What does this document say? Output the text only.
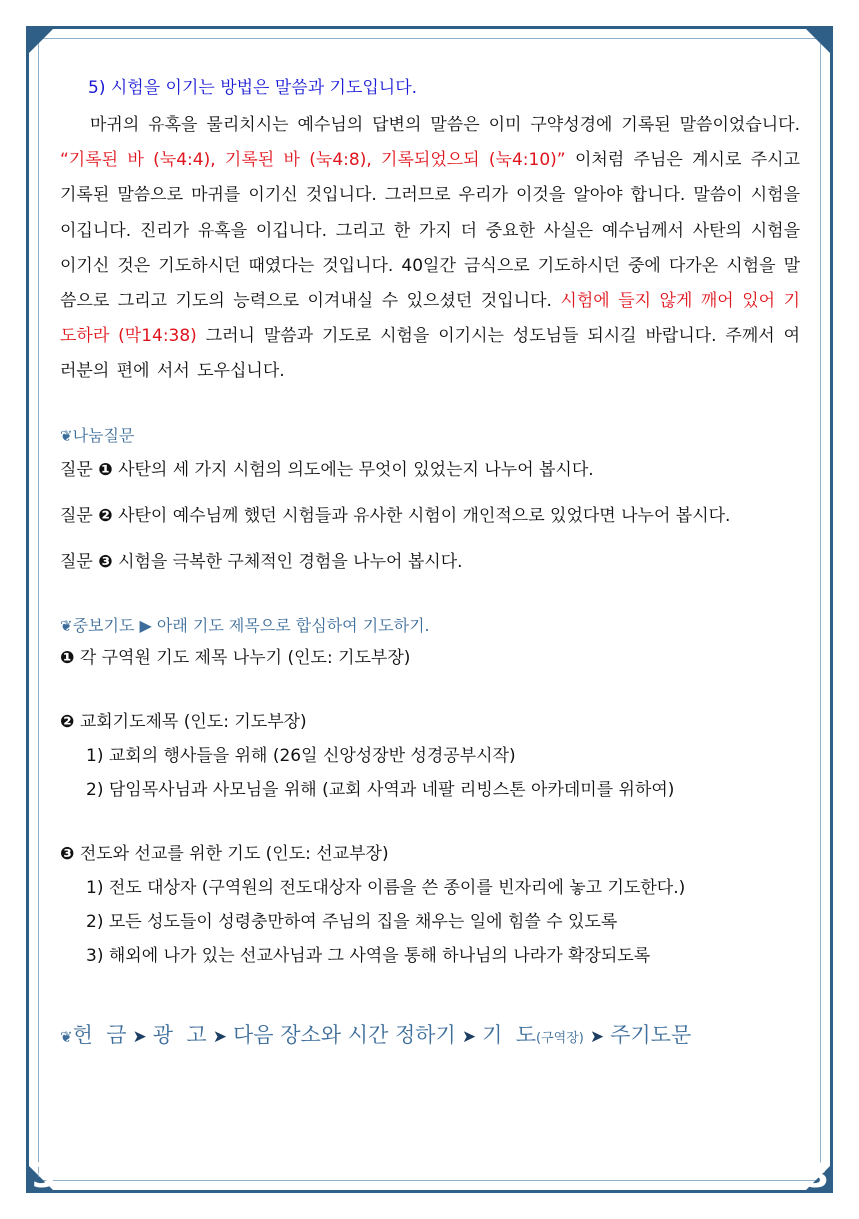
3	3
5) 시험을 이기는 방법은 말씀과 기도입니다.

마귀의 유혹을 물리치시는 예수님의 답변의 말씀은 이미 구약성경에 기록된 말씀이었습니다. “기록된 바 (눅4:4), 기록된 바 (눅4:8), 기록되었으되 (눅4:10)” 이처럼 주님은 계시로 주시고 기록된 말씀으로 마귀를 이기신 것입니다. 그러므로 우리가 이것을 알아야 합니다. 말씀이 시험을 이깁니다. 진리가 유혹을 이깁니다. 그리고 한 가지 더 중요한 사실은 예수님께서 사탄의 시험을 이기신 것은 기도하시던 때였다는 것입니다. 40일간 금식으로 기도하시던 중에 다가온 시험을 말씀으로 그리고 기도의 능력으로 이겨내실 수 있으셨던 것입니다. 시험에 들지 않게 깨어 있어 기도하라 (막14:38) 그러니 말씀과 기도로 시험을 이기시는 성도님들 되시길 바랍니다. 주께서 여러분의 편에 서서 도우십니다.

❦나눔질문
질문 ❶ 사탄의 세 가지 시험의 의도에는 무엇이 있었는지 나누어 봅시다.
질문 ❷ 사탄이 예수님께 했던 시험들과 유사한 시험이 개인적으로 있었다면 나누어 봅시다.
질문 ❸ 시험을 극복한 구체적인 경험을 나누어 봅시다.
❦중보기도 ▶ 아래 기도 제목으로 합심하여 기도하기.
❶ 각 구역원 기도 제목 나누기 (인도: 기도부장)
❷ 교회기도제목 (인도: 기도부장)
1) 교회의 행사들을 위해 (26일 신앙성장반 성경공부시작)
2) 담임목사님과 사모님을 위해 (교회 사역과 네팔 리빙스톤 아카데미를 위하여)
❸ 전도와 선교를 위한 기도 (인도: 선교부장)
1) 전도 대상자 (구역원의 전도대상자 이름을 쓴 종이를 빈자리에 놓고 기도한다.)
2) 모든 성도들이 성령충만하여 주님의 집을 채우는 일에 힘쓸 수 있도록
3) 해외에 나가 있는 선교사님과 그 사역을 통해 하나님의 나라가 확장되도록
❦헌  금 ➤ 광  고 ➤ 다음 장소와 시간 정하기 ➤ 기  도(구역장) ➤ 주기도문
